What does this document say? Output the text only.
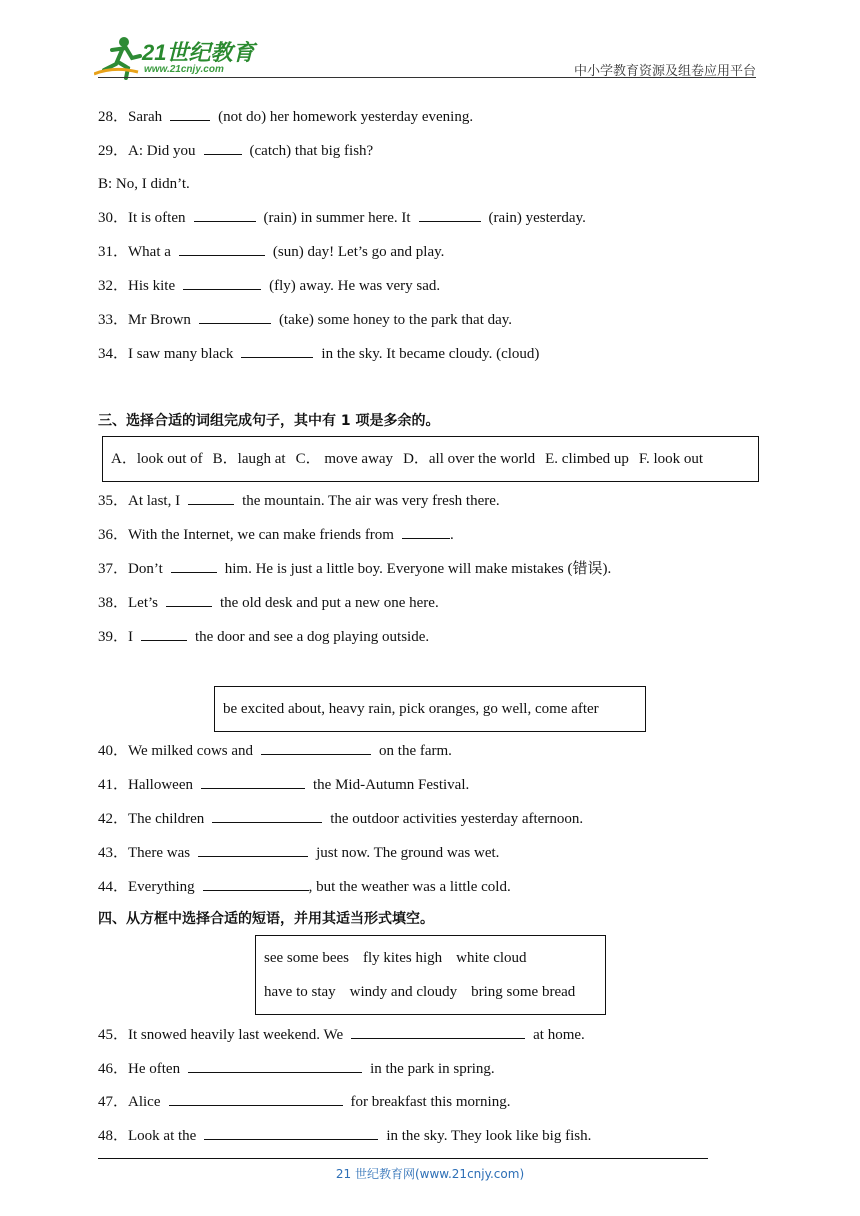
21世纪教育
www.21cnjy.com	中小学教育资源及组卷应用平台
28．Sarah	(not do) her homework yesterday evening.
29．A: Did you	(catch) that big fish?
B: No, I didn’t.
30．It is often	(rain) in summer here. It	(rain) yesterday.
31．What a	(sun) day! Let’s go and play.
32．His kite	(fly) away. He was very sad.
33．Mr Brown	(take) some honey to the park that day.
34．I saw many black	in the sky. It became cloudy. (cloud)
三、选择合适的词组完成句子，其中有 1 项是多余的。
A．look out of B．laugh at C． move away D．all over the world E. climbed up F. look out
35．At last, I	the mountain. The air was very fresh there.
36．With the Internet, we can make friends from	.
37．Don’t	him. He is just a little boy. Everyone will make mistakes (错误).
38．Let’s	the old desk and put a new one here.
39．I	the door and see a dog playing outside.
be excited about, heavy rain, pick oranges, go well, come after
40．We milked cows and	on the farm.
41．Halloween	the Mid-Autumn Festival.
42．The children	the outdoor activities yesterday afternoon.
43．There was	just now. The ground was wet.
44．Everything	, but the weather was a little cold.
四、从方框中选择合适的短语，并用其适当形式填空。
see some bees fly kites high white cloud
have to stay windy and cloudy bring some bread
45．It snowed heavily last weekend. We	at home.
46．He often	in the park in spring.
47．Alice	for breakfast this morning.
48．Look at the	in the sky. They look like big fish.
21 世纪教育网(www.21cnjy.com)
